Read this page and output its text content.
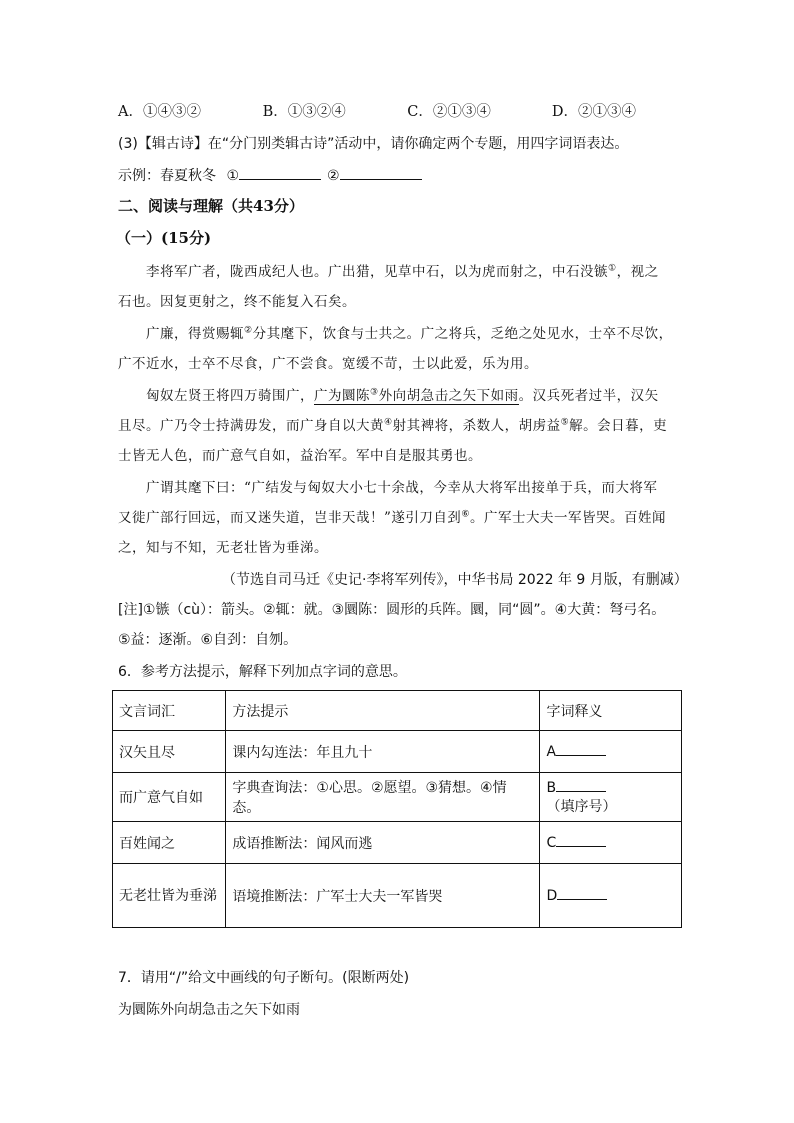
A．①④③②	B．①③②④	C．②①③④	D．②①③④
(3)【辑古诗】在“分门别类辑古诗”活动中，请你确定两个专题，用四字词语表达。
示例：春夏秋冬 ①	②
二、阅读与理解（共43分）
（一）(15分)
李将军广者，陇西成纪人也。广出猎，见草中石，以为虎而射之，中石没镞①，视之
石也。因复更射之，终不能复入石矣。
广廉，得赏赐辄②分其麾下，饮食与士共之。广之将兵，乏绝之处见水，士卒不尽饮，
广不近水，士卒不尽食，广不尝食。宽缓不苛，士以此爱，乐为用。
匈奴左贤王将四万骑围广，广为圜陈③外向胡急击之矢下如雨。汉兵死者过半，汉矢
且尽。广乃令士持满毋发，而广身自以大黄④射其裨将，杀数人，胡虏益⑤解。会日暮，吏
士皆无人色，而广意气自如，益治军。军中自是服其勇也。
广谓其麾下曰：“广结发与匈奴大小七十余战，今幸从大将军出接单于兵，而大将军
又徙广部行回远，而又迷失道，岂非天哉！”遂引刀自刭⑥。广军士大夫一军皆哭。百姓闻
之，知与不知，无老壮皆为垂涕。
（节选自司马迁《史记·李将军列传》，中华书局 2022 年 9 月版，有删减）
[注]①镞（cù）：箭头。②辄：就。③圜陈：圆形的兵阵。圜，同“圆”。④大黄：弩弓名。
⑤益：逐渐。⑥自刭：自刎。
6．参考方法提示，解释下列加点字词的意思。
文言词汇	方法提示	字词释义
汉矢且尽	课内勾连法：年且九十	A
而广意气自如	字典查询法：①心思。②愿望。③猜想。④情态。	B（填序号）
百姓闻之	成语推断法：闻风而逃	C
无老壮皆为垂涕	语境推断法：广军士大夫一军皆哭	D
7．请用“/”给文中画线的句子断句。(限断两处)
为圜陈外向胡急击之矢下如雨
